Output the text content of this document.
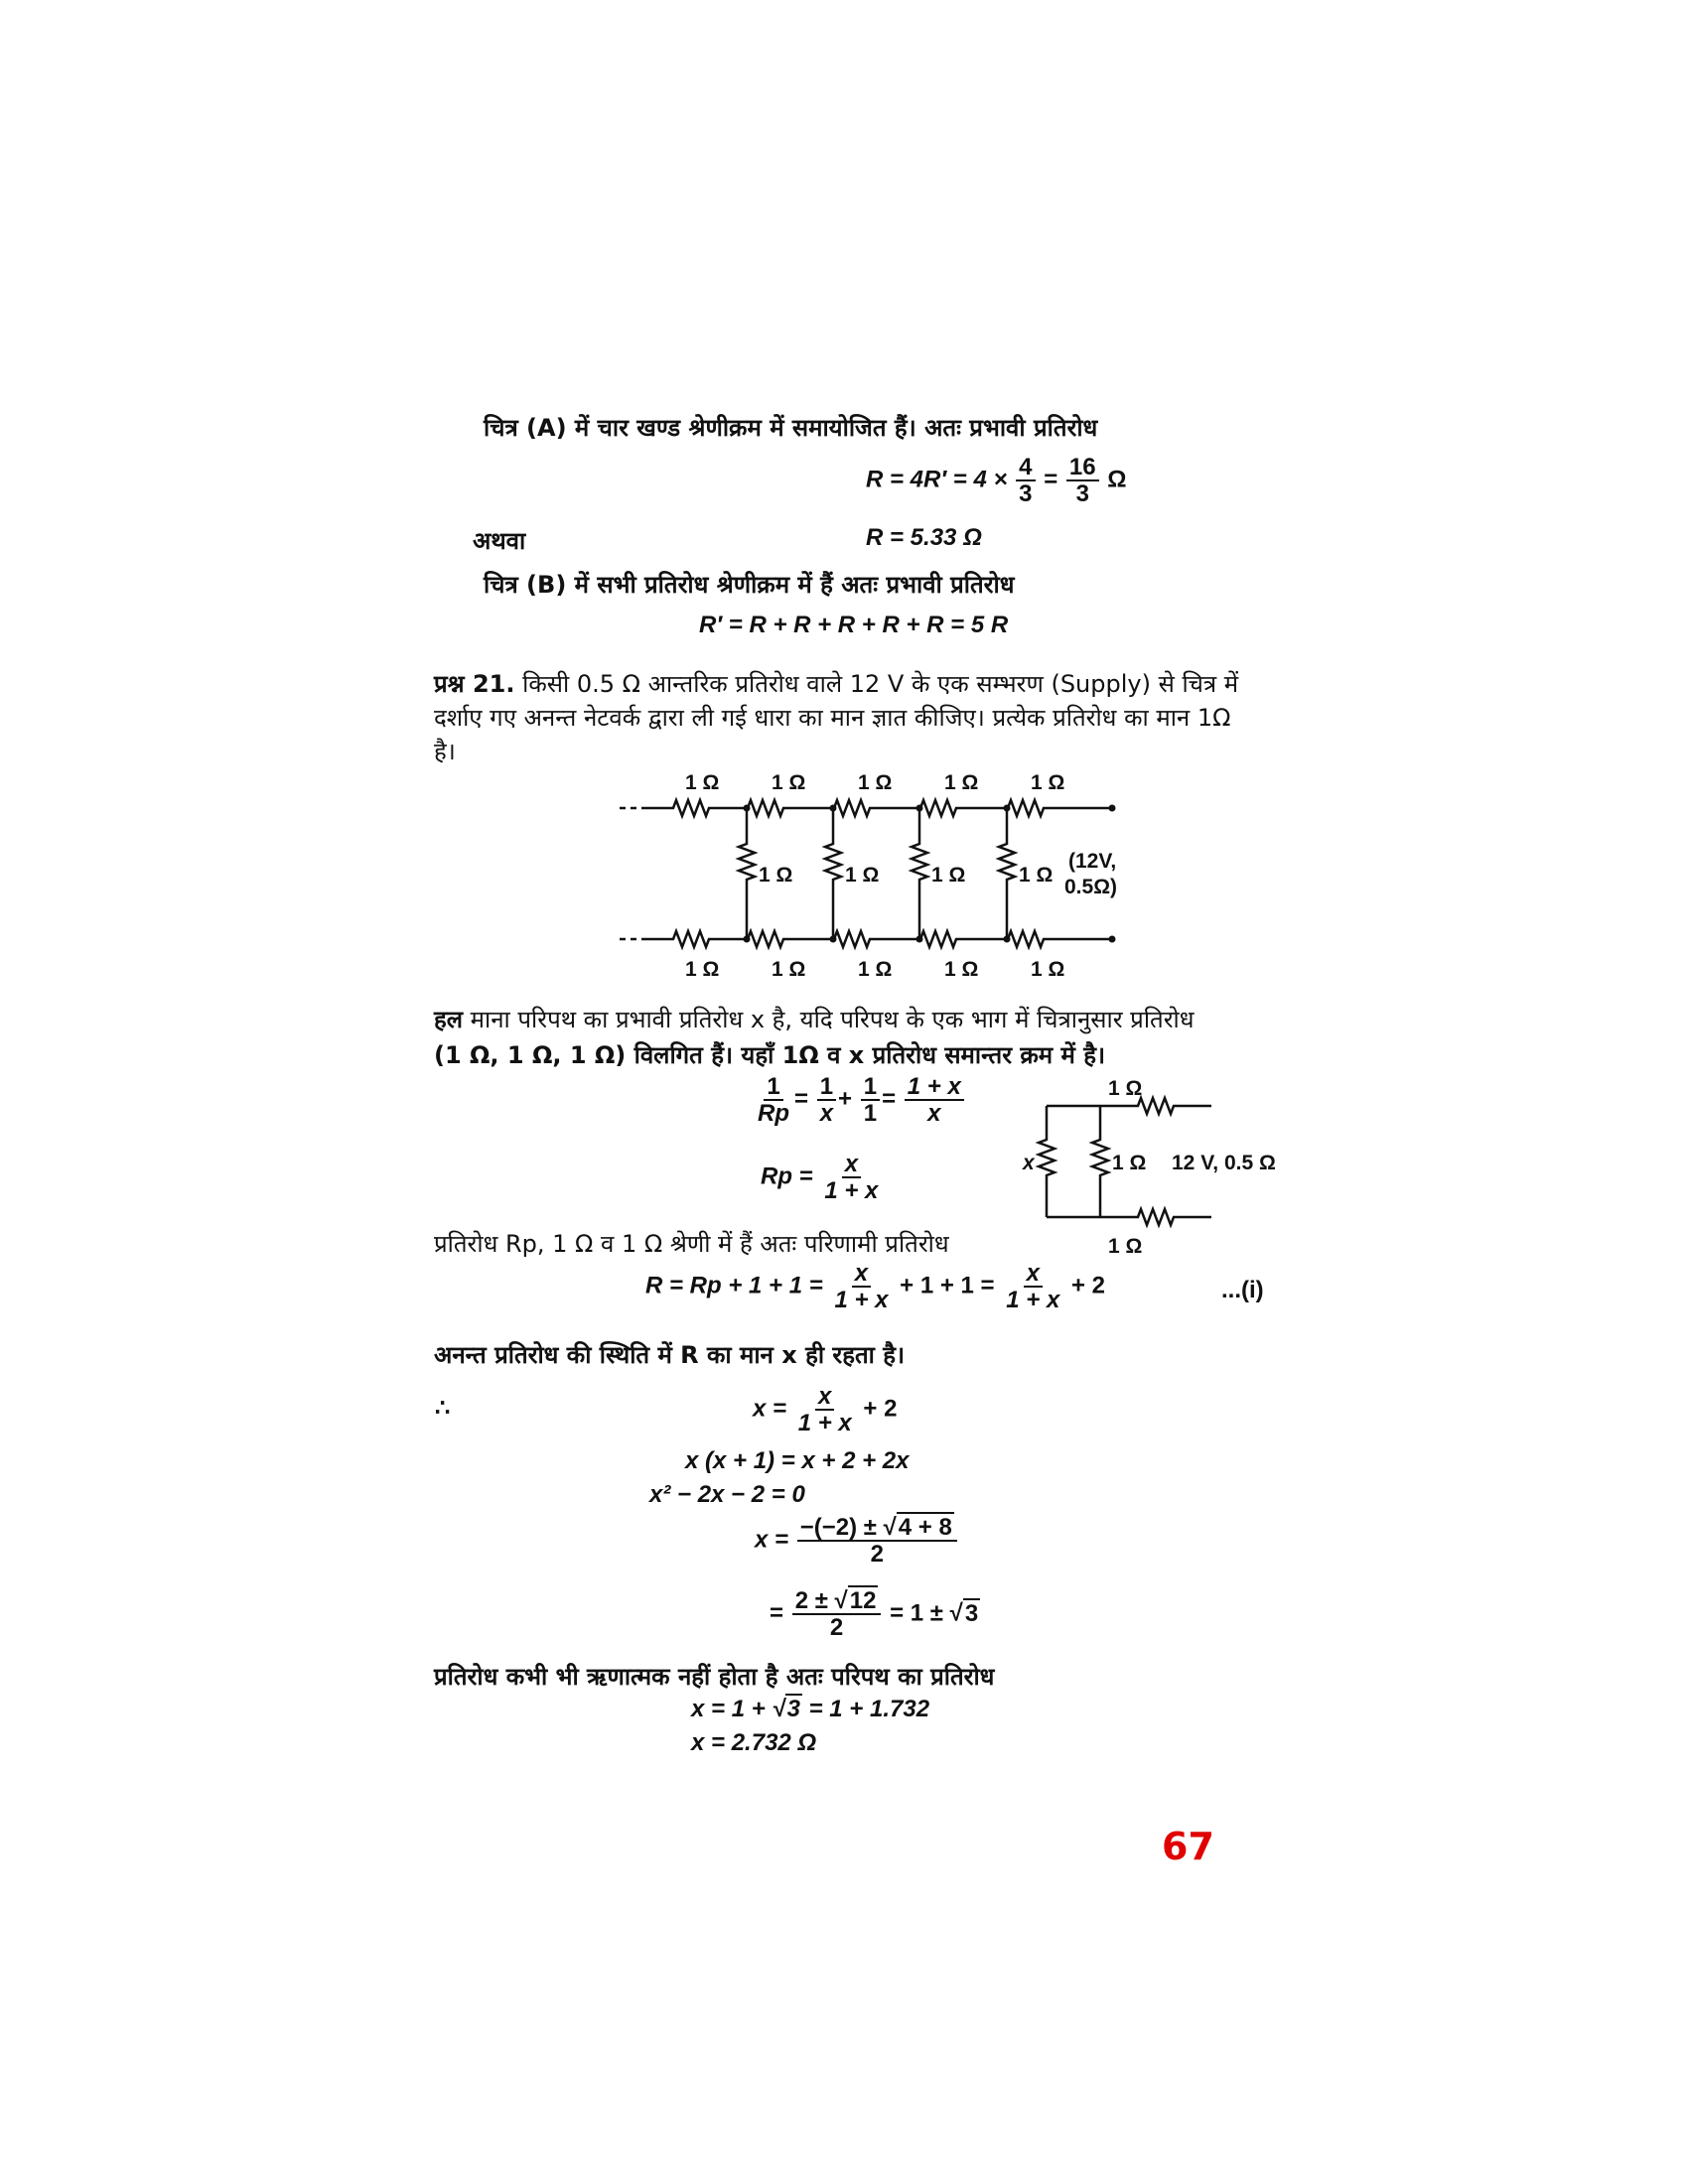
चित्र (A) में चार खण्ड श्रेणीक्रम में समायोजित हैं। अतः प्रभावी प्रतिरोध
$R = 4R' = 4 \times \frac{4}{3} = \frac{16}{3}$ Ω
अथवा	R = 5.33 Ω
चित्र (B) में सभी प्रतिरोध श्रेणीक्रम में हैं अतः प्रभावी प्रतिरोध
R′ = R + R + R + R + R = 5 R
प्रश्न 21. किसी 0.5 Ω आन्तरिक प्रतिरोध वाले 12 V के एक सम्भरण (Supply) से चित्र में
दर्शाए गए अनन्त नेटवर्क द्वारा ली गई धारा का मान ज्ञात कीजिए। प्रत्येक प्रतिरोध का मान 1Ω
है।
1 Ω	1 Ω	1 Ω	1 Ω	1 Ω
1 Ω	1 Ω	1 Ω	1 Ω	1 Ω
1 Ω	1 Ω	1 Ω	1 Ω
(12V,
0.5Ω)
हल माना परिपथ का प्रभावी प्रतिरोध x है, यदि परिपथ के एक भाग में चित्रानुसार प्रतिरोध
(1 Ω, 1 Ω, 1 Ω) विलगित हैं। यहाँ 1Ω व x प्रतिरोध समान्तर क्रम में है।
$\frac{1}{Rp} = \frac{1}{x} + \frac{1}{1} = \frac{1 + x}{x}$
$Rp = \frac{x}{1 + x}$
1 Ω
1 Ω
x	1 Ω 12 V, 0.5 Ω
प्रतिरोध Rp, 1 Ω व 1 Ω श्रेणी में हैं अतः परिणामी प्रतिरोध
$R = Rp + 1 + 1 = \frac{x}{1 + x} + 1 + 1 = \frac{x}{1 + x} + 2$	...(i)
अनन्त प्रतिरोध की स्थिति में R का मान x ही रहता है।
∴	$x = \frac{x}{1 + x} + 2$
x (x + 1) = x + 2 + 2x
x² − 2x − 2 = 0
$x = \frac{-(-2) \pm √4 + 8}{2}$
= $\frac{2 \pm √12}{2} = 1 \pm √3$
प्रतिरोध कभी भी ऋणात्मक नहीं होता है अतः परिपथ का प्रतिरोध
x = 1 + √3 = 1 + 1.732
x = 2.732 Ω
67
